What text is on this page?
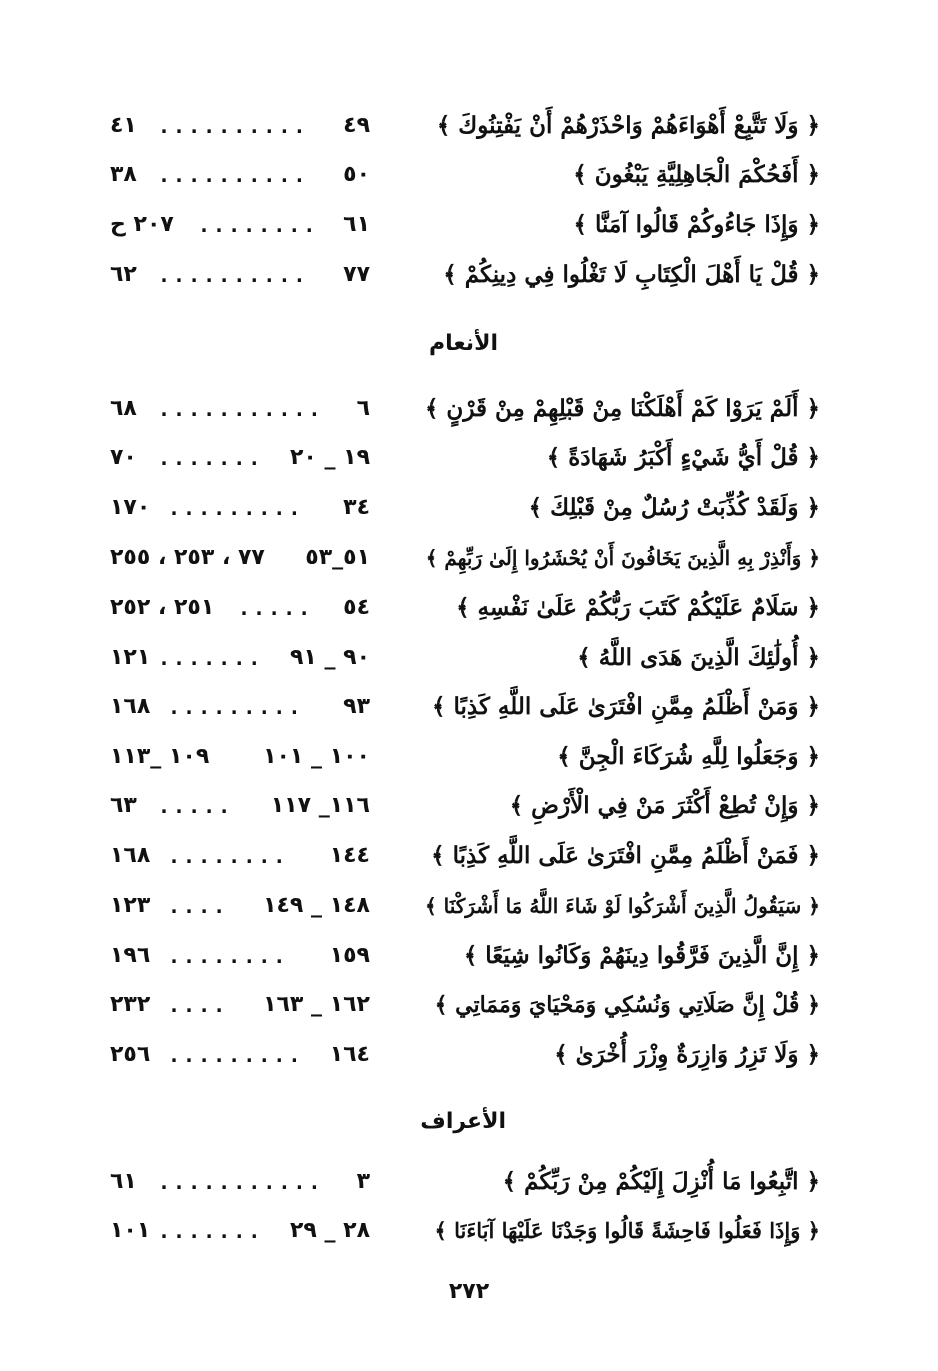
﴿ وَلَا تَتَّبِعْ أَهْوَاءَهُمْ وَاحْذَرْهُمْ أَنْ يَفْتِنُوكَ ﴾
٤٩
..........
٤١
﴿ أَفَحُكْمَ الْجَاهِلِيَّةِ يَبْغُونَ ﴾
٥٠
..........
٣٨
﴿ وَإِذَا جَاءُوكُمْ قَالُوا آمَنَّا ﴾
٦١
........
٢٠٧ ح
﴿ قُلْ يَا أَهْلَ الْكِتَابِ لَا تَغْلُوا فِي دِينِكُمْ ﴾
٧٧
..........
٦٢
الأنعام
﴿ أَلَمْ يَرَوْا كَمْ أَهْلَكْنَا مِنْ قَبْلِهِمْ مِنْ قَرْنٍ ﴾
٦
...........
٦٨
﴿ قُلْ أَيُّ شَيْءٍ أَكْبَرُ شَهَادَةً ﴾
١٩ _ ٢٠
.......
٧٠
﴿ وَلَقَدْ كُذِّبَتْ رُسُلٌ مِنْ قَبْلِكَ ﴾
٣٤
.........
١٧٠
﴿ وَأَنْذِرْ بِهِ الَّذِينَ يَخَافُونَ أَنْ يُحْشَرُوا إِلَىٰ رَبِّهِمْ ﴾
٥١_٥٣
٧٧ ، ٢٥٣ ، ٢٥٥
﴿ سَلَامٌ عَلَيْكُمْ كَتَبَ رَبُّكُمْ عَلَىٰ نَفْسِهِ ﴾
٥٤
.....
٢٥١ ، ٢٥٢
﴿ أُولَٰئِكَ الَّذِينَ هَدَى اللَّهُ ﴾
٩٠ _ ٩١
.......
١٢١
﴿ وَمَنْ أَظْلَمُ مِمَّنِ افْتَرَىٰ عَلَى اللَّهِ كَذِبًا ﴾
٩٣
.........
١٦٨
﴿ وَجَعَلُوا لِلَّهِ شُرَكَاءَ الْجِنَّ ﴾
١٠٠ _ ١٠١
١٠٩ _١١٣
﴿ وَإِنْ تُطِعْ أَكْثَرَ مَنْ فِي الْأَرْضِ ﴾
١١٦_ ١١٧
.....
٦٣
﴿ فَمَنْ أَظْلَمُ مِمَّنِ افْتَرَىٰ عَلَى اللَّهِ كَذِبًا ﴾
١٤٤
........
١٦٨
﴿ سَيَقُولُ الَّذِينَ أَشْرَكُوا لَوْ شَاءَ اللَّهُ مَا أَشْرَكْنَا ﴾
١٤٨ _ ١٤٩
....
١٢٣
﴿ إِنَّ الَّذِينَ فَرَّقُوا دِينَهُمْ وَكَانُوا شِيَعًا ﴾
١٥٩
........
١٩٦
﴿ قُلْ إِنَّ صَلَاتِي وَنُسُكِي وَمَحْيَايَ وَمَمَاتِي ﴾
١٦٢ _ ١٦٣
....
٢٣٢
﴿ وَلَا تَزِرُ وَازِرَةٌ وِزْرَ أُخْرَىٰ ﴾
١٦٤
.........
٢٥٦
الأعراف
﴿ اتَّبِعُوا مَا أُنْزِلَ إِلَيْكُمْ مِنْ رَبِّكُمْ ﴾
٣
...........
٦١
﴿ وَإِذَا فَعَلُوا فَاحِشَةً قَالُوا وَجَدْنَا عَلَيْهَا آبَاءَنَا ﴾
٢٨ _ ٢٩
.......
١٠١
٢٧٢
